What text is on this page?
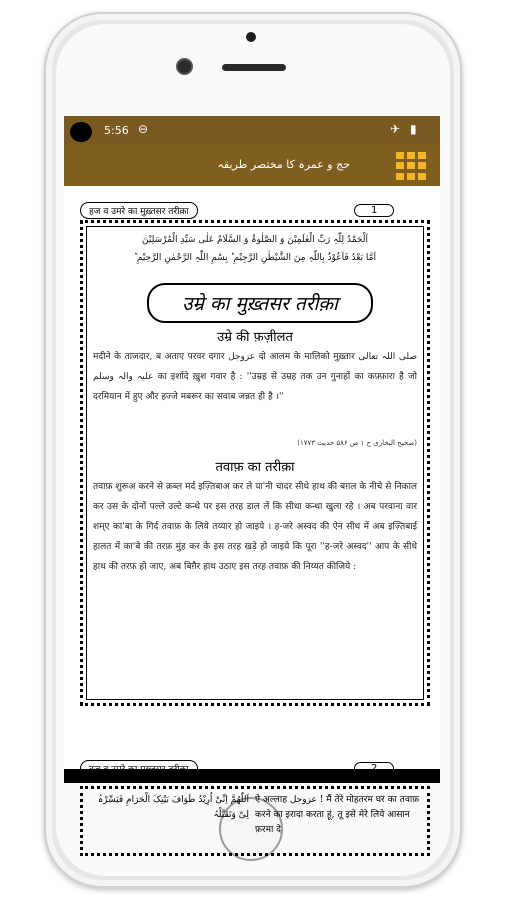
5:56 ⊖	✈ ▮
حج و عمرہ کا مختصر طریقہ
हज व उमरे का मुख़्तसर तरीक़ा	1
اَلْحَمْدُ لِلّٰہِ رَبِّ الْعٰلَمِیْنَ وَ الصَّلٰوۃُ وَ السَّلَامُ عَلٰی سَیِّدِ الْمُرْسَلِیْنَ
اَمَّا بَعْدُ فَاَعُوْذُ بِاللّٰہِ مِنَ الشَّیْطٰنِ الرَّجِیْمِ ؕ بِسْمِ اللّٰہِ الرَّحْمٰنِ الرَّحِیْمِ ؕ
उम्रे का मुख़्तसर तरीक़ा
उम्रे की फ़ज़ीलत
मदीने के ताजदार, ब अताए परवर दगार عزوجل दो आलम के मालिको मुख़्तार صلی اللہ تعالی علیہ والہ وسلم का इर्शादे ख़ुश गवार है : ''उम्रह से उम्रह तक उन गुनाहों का कफ़्फ़ारा है जो दरमियान में हुए और हज्जे मबरूर का सवाब जन्नत ही है ।''
(صحیح البخاری ج ۱ ص ۵۸۶ حدیث ۱۷۷۳)
तवाफ़ का तरीक़ा
तवाफ़ शुरूअ करने से क़ब्ल मर्द इज़्तिबाअ कर ले या'नी चादर सीधे हाथ की बग़ल के नीचे से निकाल कर उस के दोनों पल्ले उल्टे कन्धे पर इस तरह डाल लें कि सीधा कन्धा खुला रहे । अब परवाना वार शम्ए का'बा के गिर्द तवाफ़ के लिये तय्यार हो जाइये । ह-जरे अस्वद की ऐन सीध में अब इज़्तिबाई हालत में का'बे की तरफ़ मुंह कर के इस तरह खड़े हो जाइये कि पूरा ''ह-जरे अस्वद'' आप के सीधे हाथ की तरफ़ हो जाए, अब बिग़ैर हाथ उठाए इस तरह तवाफ़ की निय्यत कीजिये :
اَللّٰھُمَّ اِنِّیْ اُرِیْدُ طَوَافَ بَیْتِکَ الْحَرَامِ فَیَسِّرْہُ لِیْ وَتَقَبَّلْہُ
ऐ अल्लाह عزوجل ! मैं तेरे मोहतरम घर का तवाफ़ करने का इरादा करता हूं, तू इसे मेरे लिये आसान फ़रमा दे
